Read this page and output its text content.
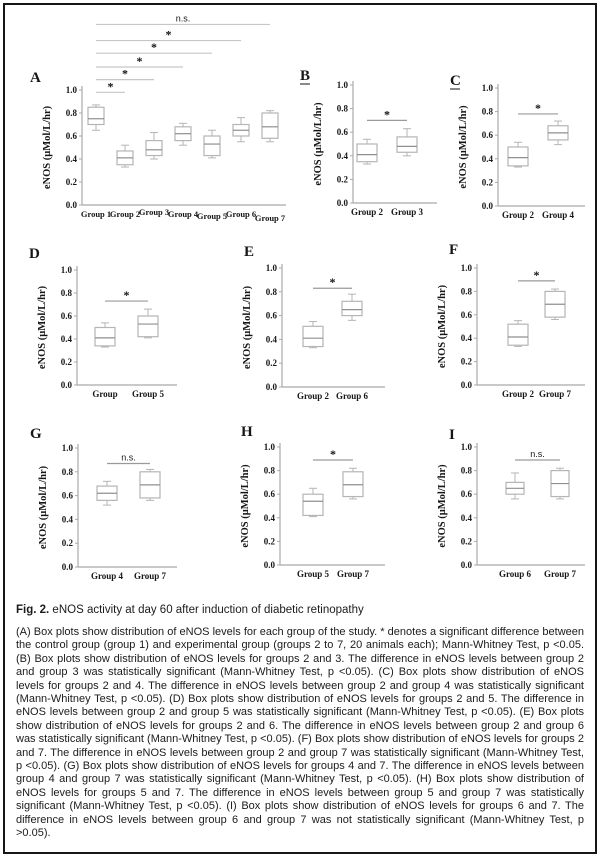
A
*
*
*
*
*
n.s.
0.0
0.2
0.4
0.6
0.8
1.0
eNOS (µMol/L/hr)
Group 1
Group 2
Group 3
Group 4
Group 5
Group 6
Group 7
B
*
0.0
0.2
0.4
0.6
0.8
1.0
eNOS (µMol/L/hr)
Group 2 Group 3
C
*
0.0
0.2
0.4
0.6
0.8
1.0
eNOS (µMol/L/hr)
Group 2 Group 4
D
*
0.0
0.2
0.4
0.6
0.8
1.0
eNOS (µMol/L/hr)
Group Group 5
E
*
0.0
0.2
0.4
0.6
0.8
1.0
eNOS (µMol/L/hr)
Group 2 Group 6
F
*
0.0
0.2
0.4
0.6
0.8
1.0
eNOS (µMol/L/hr)
Group 2 Group 7
G
n.s.
0.0
0.2
0.4
0.6
0.8
1.0
eNOS (µMol/L/hr)
Group 4 Group 7
H
*
0.0
0.2
0.4
0.6
0.8
1.0
eNOS (µMol/L/hr)
Group 5 Group 7
I
n.s.
0.0
0.2
0.4
0.6
0.8
1.0
eNOS (µMol/L/hr)
Group 6 Group 7
Fig. 2. eNOS activity at day 60 after induction of diabetic retinopathy
(A) Box plots show distribution of eNOS levels for each group of the study. * denotes a significant difference between the control group (group 1) and experimental group (groups 2 to 7, 20 animals each); Mann-Whitney Test, p <0.05. (B) Box plots show distribution of eNOS levels for groups 2 and 3. The difference in eNOS levels between group 2 and group 3 was statistically significant (Mann-Whitney Test, p <0.05). (C) Box plots show distribution of eNOS levels for groups 2 and 4. The difference in eNOS levels between group 2 and group 4 was statistically significant (Mann-Whitney Test, p <0.05). (D) Box plots show distribution of eNOS levels for groups 2 and 5. The difference in eNOS levels between group 2 and group 5 was statistically significant (Mann-Whitney Test, p <0.05). (E) Box plots show distribution of eNOS levels for groups 2 and 6. The difference in eNOS levels between group 2 and group 6 was statistically significant (Mann-Whitney Test, p <0.05). (F) Box plots show distribution of eNOS levels for groups 2 and 7. The difference in eNOS levels between group 2 and group 7 was statistically significant (Mann-Whitney Test, p <0.05). (G) Box plots show distribution of eNOS levels for groups 4 and 7. The difference in eNOS levels between group 4 and group 7 was statistically significant (Mann-Whitney Test, p <0.05). (H) Box plots show distribution of eNOS levels for groups 5 and 7. The difference in eNOS levels between group 5 and group 7 was statistically significant (Mann-Whitney Test, p <0.05). (I) Box plots show distribution of eNOS levels for groups 6 and 7. The difference in eNOS levels between group 6 and group 7 was not statistically significant (Mann-Whitney Test, p >0.05).
